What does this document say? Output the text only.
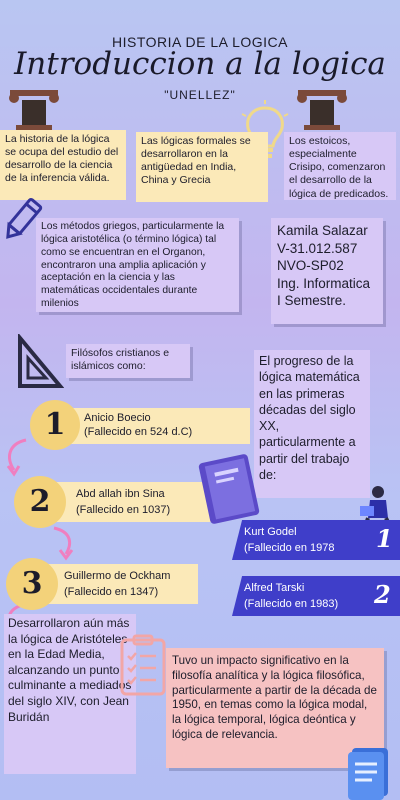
HISTORIA DE LA LOGICA
Introduccion a la logica
"UNELLEZ"
La historia de la lógica se ocupa del estudio del desarrollo de la ciencia de la inferencia válida.
Las lógicas formales se desarrollaron en la antigüedad en India, China y Grecia
Los estoicos, especialmente Crisipo, comenzaron el desarrollo de la lógica de predicados.
Los métodos griegos, particularmente la lógica aristotélica (o término lógica) tal como se encuentran en el Organon, encontraron una amplia aplicación y aceptación en la ciencia y las matemáticas occidentales durante milenios
Kamila Salazar
V-31.012.587
NVO-SP02
Ing. Informatica
I Semestre.
Filósofos cristianos e islámicos como:	El progreso de la lógica matemática en las primeras décadas del siglo XX, particularmente a partir del trabajo de:
1	Anicio Boecio
(Fallecido en 524 d.C)
2	Abd allah ibn Sina
(Fallecido en 1037)
3	Guillermo de Ockham
(Fallecido en 1347)
Kurt Godel
(Fallecido en 1978 1
Alfred Tarski
(Fallecido en 1983) 2
Desarrollaron aún más la lógica de Aristóteles en la Edad Media, alcanzando un punto culminante a mediados del siglo XIV, con Jean Buridán
Tuvo un impacto significativo en la filosofía analítica y la lógica filosófica, particularmente a partir de la década de 1950, en temas como la lógica modal, la lógica temporal, lógica deóntica y lógica de relevancia.
